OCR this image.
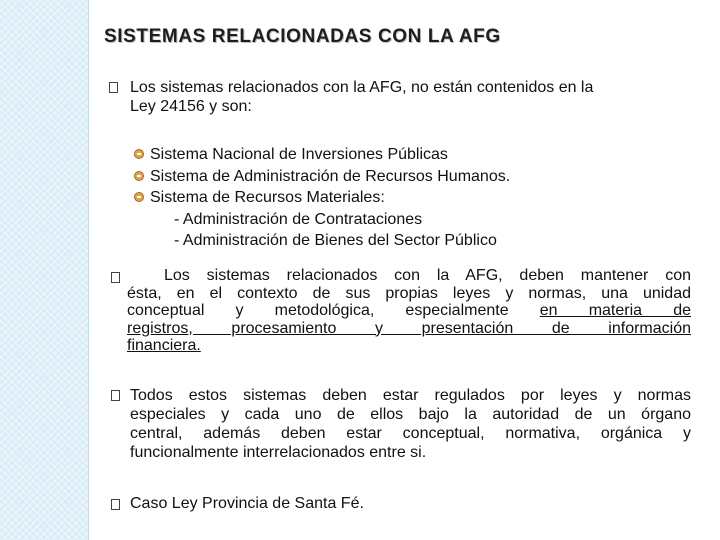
SISTEMAS RELACIONADAS CON LA AFG
Los sistemas relacionados con la AFG, no están contenidos en la
Ley 24156 y son:
Sistema Nacional de Inversiones Públicas
Sistema de Administración de Recursos Humanos.
Sistema de Recursos Materiales:
- Administración de Contrataciones
- Administración de Bienes del Sector Público
Los sistemas relacionados con la AFG, deben mantener con
ésta, en el contexto de sus propias leyes y normas, una unidad
conceptual y metodológica, especialmente en materia de
registros, procesamiento y presentación de información
financiera.
Todos estos sistemas deben estar regulados por leyes y normas
especiales y cada uno de ellos bajo la autoridad de un órgano
central, además deben estar conceptual, normativa, orgánica y
funcionalmente interrelacionados entre si.
Caso Ley Provincia de Santa Fé.
